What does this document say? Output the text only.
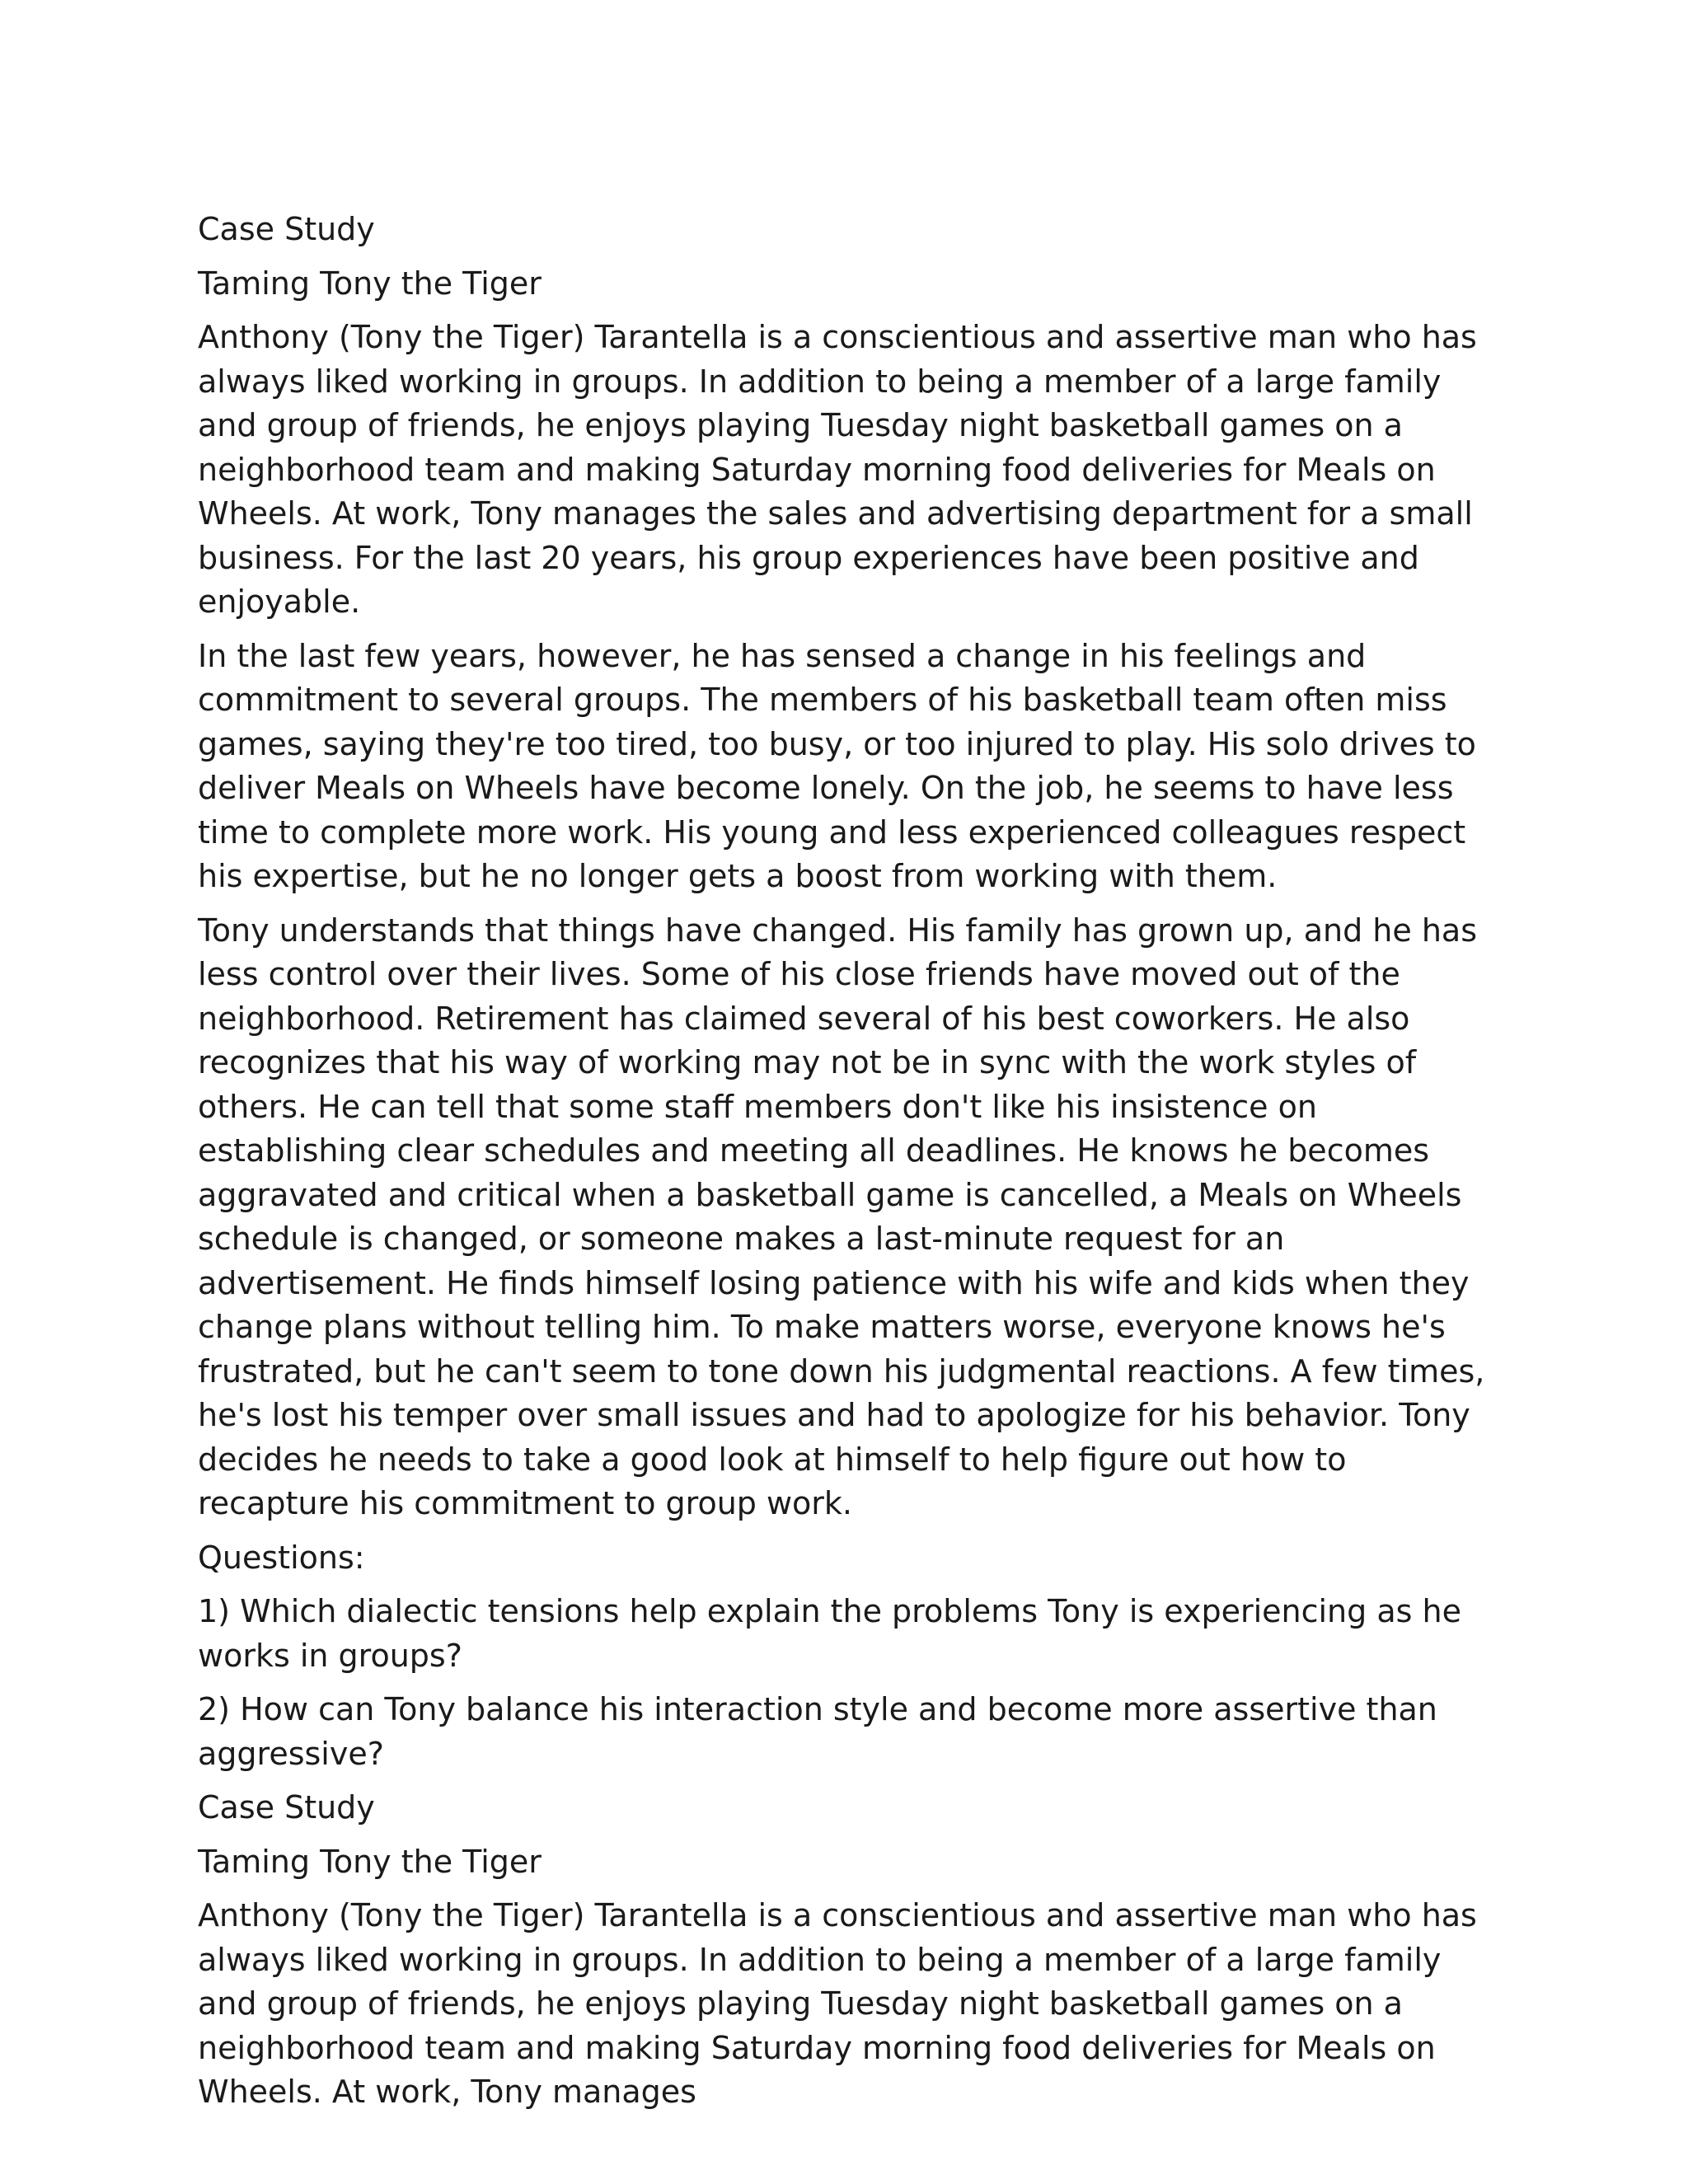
Case Study

Taming Tony the Tiger

Anthony (Tony the Tiger) Tarantella is a conscientious and assertive man who has always liked working in groups. In addition to being a member of a large family and group of friends, he enjoys playing Tuesday night basketball games on a neighborhood team and making Saturday morning food deliveries for Meals on Wheels. At work, Tony manages the sales and advertising department for a small business. For the last 20 years, his group experiences have been positive and enjoyable.

In the last few years, however, he has sensed a change in his feelings and commitment to several groups. The members of his basketball team often miss games, saying they're too tired, too busy, or too injured to play. His solo drives to deliver Meals on Wheels have become lonely. On the job, he seems to have less time to complete more work. His young and less experienced colleagues respect his expertise, but he no longer gets a boost from working with them.

Tony understands that things have changed. His family has grown up, and he has less control over their lives. Some of his close friends have moved out of the neighborhood. Retirement has claimed several of his best coworkers. He also recognizes that his way of working may not be in sync with the work styles of others. He can tell that some staff members don't like his insistence on establishing clear schedules and meeting all deadlines. He knows he becomes aggravated and critical when a basketball game is cancelled, a Meals on Wheels schedule is changed, or someone makes a last-minute request for an advertisement. He finds himself losing patience with his wife and kids when they change plans without telling him. To make matters worse, everyone knows he's frustrated, but he can't seem to tone down his judgmental reactions. A few times, he's lost his temper over small issues and had to apologize for his behavior. Tony decides he needs to take a good look at himself to help figure out how to recapture his commitment to group work.

Questions:

1) Which dialectic tensions help explain the problems Tony is experiencing as he works in groups?

2) How can Tony balance his interaction style and become more assertive than aggressive?

Case Study

Taming Tony the Tiger

Anthony (Tony the Tiger) Tarantella is a conscientious and assertive man who has always liked working in groups. In addition to being a member of a large family and group of friends, he enjoys playing Tuesday night basketball games on a neighborhood team and making Saturday morning food deliveries for Meals on Wheels. At work, Tony manages
